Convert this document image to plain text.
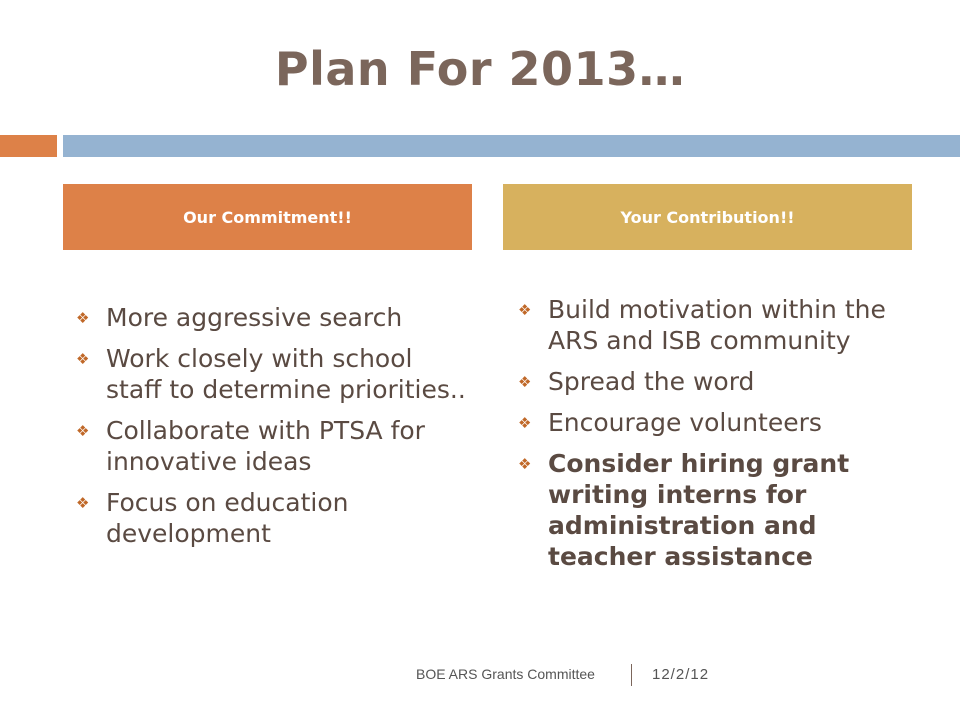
Plan For 2013…
Our Commitment!!	Your Contribution!!
❖ More aggressive search
❖ Work closely with school staff to determine priorities..
❖ Collaborate with PTSA for innovative ideas
❖ Focus on education development
❖ Build motivation within the ARS and ISB community
❖ Spread the word
❖ Encourage volunteers
❖ Consider hiring grant writing interns for administration and teacher assistance
BOE ARS Grants Committee	12/2/12
